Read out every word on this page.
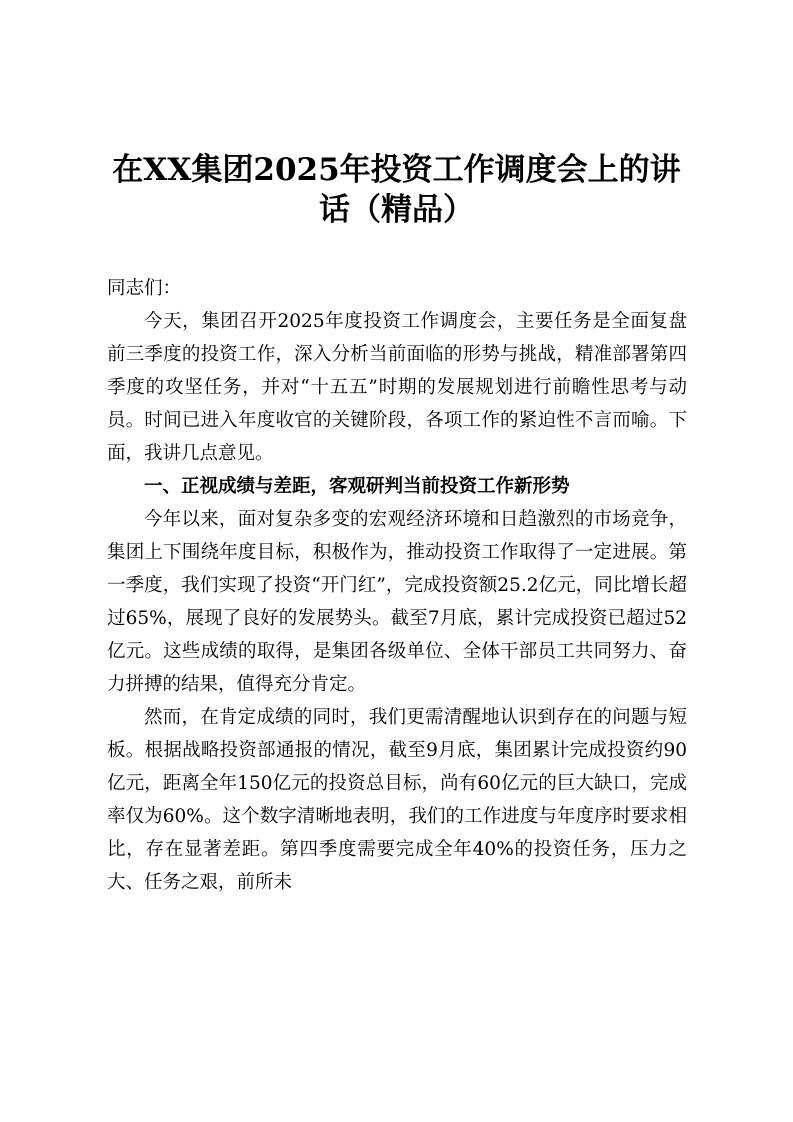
在XX集团2025年投资工作调度会上的讲话（精品）

同志们：

今天，集团召开2025年度投资工作调度会，主要任务是全面复盘前三季度的投资工作，深入分析当前面临的形势与挑战，精准部署第四季度的攻坚任务，并对“十五五”时期的发展规划进行前瞻性思考与动员。时间已进入年度收官的关键阶段，各项工作的紧迫性不言而喻。下面，我讲几点意见。

一、正视成绩与差距，客观研判当前投资工作新形势

今年以来，面对复杂多变的宏观经济环境和日趋激烈的市场竞争，集团上下围绕年度目标，积极作为，推动投资工作取得了一定进展。第一季度，我们实现了投资“开门红”，完成投资额25.2亿元，同比增长超过65%，展现了良好的发展势头。截至7月底，累计完成投资已超过52亿元。这些成绩的取得，是集团各级单位、全体干部员工共同努力、奋力拼搏的结果，值得充分肯定。

然而，在肯定成绩的同时，我们更需清醒地认识到存在的问题与短板。根据战略投资部通报的情况，截至9月底，集团累计完成投资约90亿元，距离全年150亿元的投资总目标，尚有60亿元的巨大缺口，完成率仅为60%。这个数字清晰地表明，我们的工作进度与年度序时要求相比，存在显著差距。第四季度需要完成全年40%的投资任务，压力之大、任务之艰，前所未
